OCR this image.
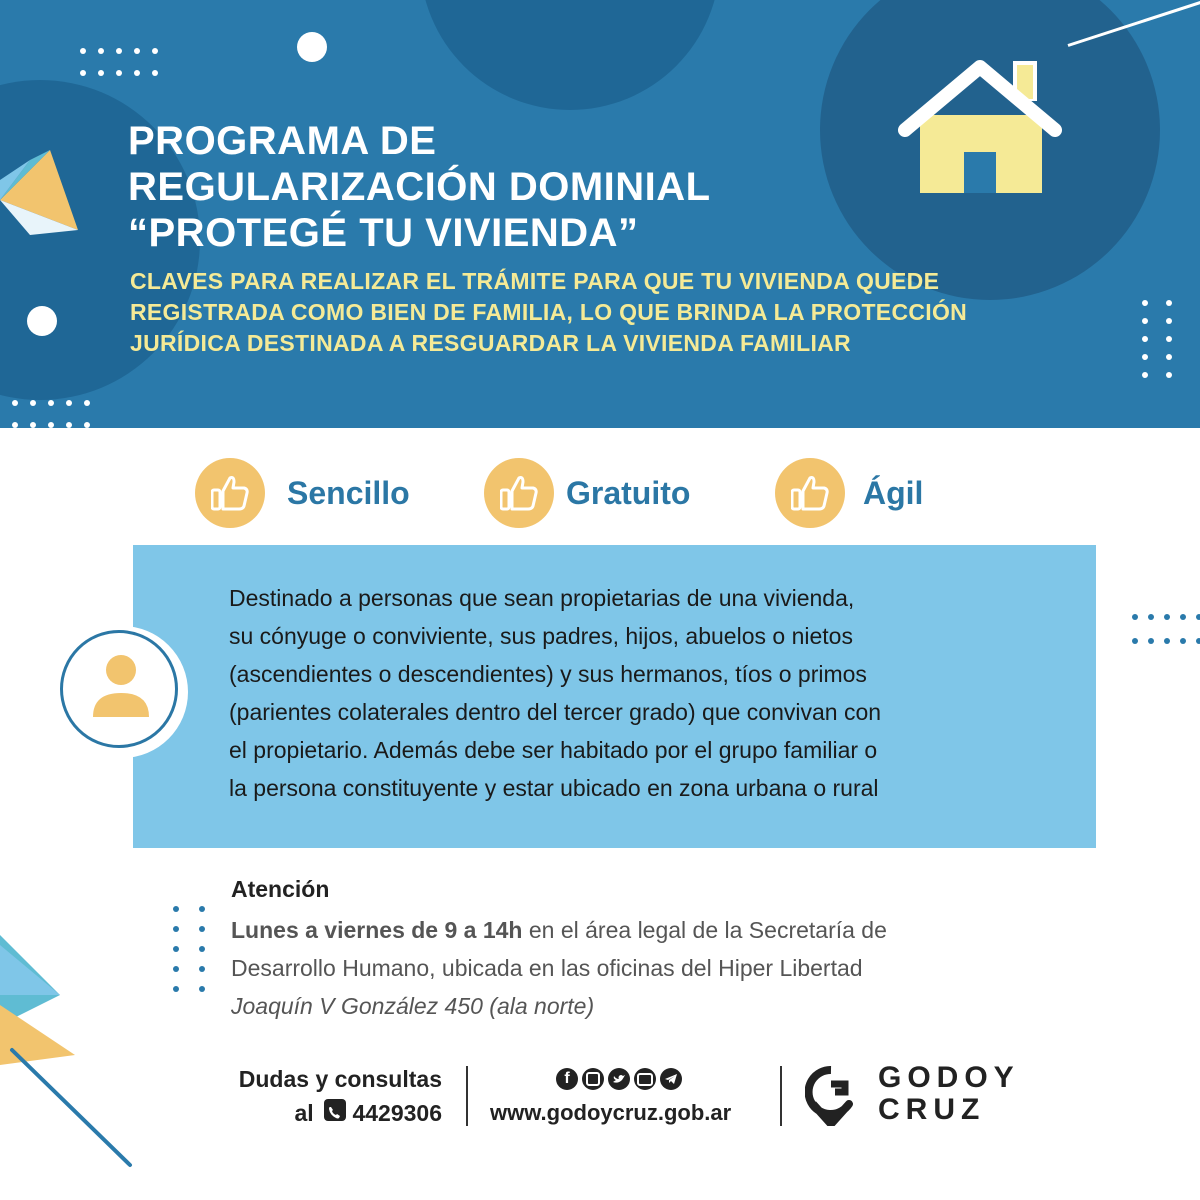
PROGRAMA DE
REGULARIZACIÓN DOMINIAL
“PROTEGÉ TU VIVIENDA”
CLAVES PARA REALIZAR EL TRÁMITE PARA QUE TU VIVIENDA QUEDE
REGISTRADA COMO BIEN DE FAMILIA, LO QUE BRINDA LA PROTECCIÓN
JURÍDICA DESTINADA A RESGUARDAR LA VIVIENDA FAMILIAR
Sencillo	Gratuito	Ágil
Destinado a personas que sean propietarias de una vivienda,
su cónyuge o conviviente, sus padres, hijos, abuelos o nietos
(ascendientes o descendientes) y sus hermanos, tíos o primos
(parientes colaterales dentro del tercer grado) que convivan con
el propietario. Además debe ser habitado por el grupo familiar o
la persona constituyente y estar ubicado en zona urbana o rural
Atención
Lunes a viernes de 9 a 14h en el área legal de la Secretaría de
Desarrollo Humano, ubicada en las oficinas del Hiper Libertad
Joaquín V González 450 (ala norte)
Dudas y consultas
al 4429306
f
www.godoycruz.gob.ar
GODOY
CRUZ
